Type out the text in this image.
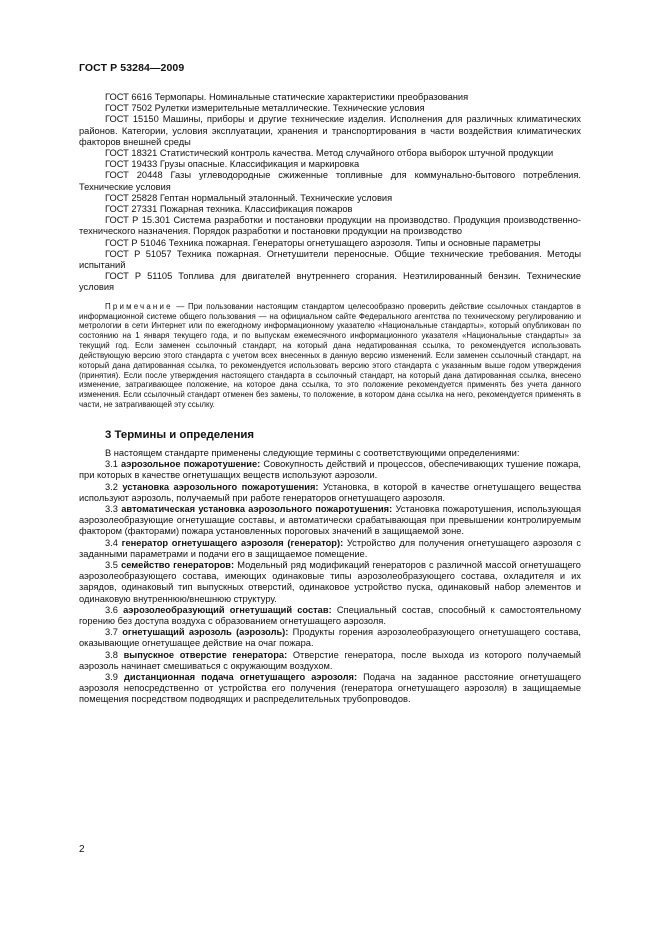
ГОСТ Р 53284—2009

ГОСТ 6616 Термопары. Номинальные статические характеристики преобразования

ГОСТ 7502 Рулетки измерительные металлические. Технические условия

ГОСТ 15150 Машины, приборы и другие технические изделия. Исполнения для различных климатических районов. Категории, условия эксплуатации, хранения и транспортирования в части воздействия климатических факторов внешней среды

ГОСТ 18321 Статистический контроль качества. Метод случайного отбора выборок штучной продукции

ГОСТ 19433 Грузы опасные. Классификация и маркировка

ГОСТ 20448 Газы углеводородные сжиженные топливные для коммунально-бытового потребления. Технические условия

ГОСТ 25828 Гептан нормальный эталонный. Технические условия

ГОСТ 27331 Пожарная техника. Классификация пожаров

ГОСТ Р 15.301 Система разработки и постановки продукции на производство. Продукция производственно-технического назначения. Порядок разработки и постановки продукции на производство

ГОСТ Р 51046 Техника пожарная. Генераторы огнетушащего аэрозоля. Типы и основные параметры

ГОСТ Р 51057 Техника пожарная. Огнетушители переносные. Общие технические требования. Методы испытаний

ГОСТ Р 51105 Топлива для двигателей внутреннего сгорания. Неэтилированный бензин. Технические условия

Примечание — При пользовании настоящим стандартом целесообразно проверить действие ссылочных стандартов в информационной системе общего пользования — на официальном сайте Федерального агентства по техническому регулированию и метрологии в сети Интернет или по ежегодному информационному указателю «Национальные стандарты», который опубликован по состоянию на 1 января текущего года, и по выпускам ежемесячного информационного указателя «Национальные стандарты» за текущий год. Если заменен ссылочный стандарт, на который дана недатированная ссылка, то рекомендуется использовать действующую версию этого стандарта с учетом всех внесенных в данную версию изменений. Если заменен ссылочный стандарт, на который дана датированная ссылка, то рекомендуется использовать версию этого стандарта с указанным выше годом утверждения (принятия). Если после утверждения настоящего стандарта в ссылочный стандарт, на который дана датированная ссылка, внесено изменение, затрагивающее положение, на которое дана ссылка, то это положение рекомендуется применять без учета данного изменения. Если ссылочный стандарт отменен без замены, то положение, в котором дана ссылка на него, рекомендуется применять в части, не затрагивающей эту ссылку.

3 Термины и определения

В настоящем стандарте применены следующие термины с соответствующими определениями:

3.1 аэрозольное пожаротушение: Совокупность действий и процессов, обеспечивающих тушение пожара, при которых в качестве огнетушащих веществ используют аэрозоли.

3.2 установка аэрозольного пожаротушения: Установка, в которой в качестве огнетушащего вещества используют аэрозоль, получаемый при работе генераторов огнетушащего аэрозоля.

3.3 автоматическая установка аэрозольного пожаротушения: Установка пожаротушения, использующая аэрозолеобразующие огнетушащие составы, и автоматически срабатывающая при превышении контролируемым фактором (факторами) пожара установленных пороговых значений в защищаемой зоне.

3.4 генератор огнетушащего аэрозоля (генератор): Устройство для получения огнетушащего аэрозоля с заданными параметрами и подачи его в защищаемое помещение.

3.5 семейство генераторов: Модельный ряд модификаций генераторов с различной массой огнетушащего аэрозолеобразующего состава, имеющих одинаковые типы аэрозолеобразующего состава, охладителя и их зарядов, одинаковый тип выпускных отверстий, одинаковое устройство пуска, одинаковый набор элементов и одинаковую внутреннюю/внешнюю структуру.

3.6 аэрозолеобразующий огнетушащий состав: Специальный состав, способный к самостоятельному горению без доступа воздуха с образованием огнетушащего аэрозоля.

3.7 огнетушащий аэрозоль (аэрозоль): Продукты горения аэрозолеобразующего огнетушащего состава, оказывающие огнетушащее действие на очаг пожара.

3.8 выпускное отверстие генератора: Отверстие генератора, после выхода из которого получаемый аэрозоль начинает смешиваться с окружающим воздухом.

3.9 дистанционная подача огнетушащего аэрозоля: Подача на заданное расстояние огнетушащего аэрозоля непосредственно от устройства его получения (генератора огнетушащего аэрозоля) в защищаемые помещения посредством подводящих и распределительных трубопроводов.

2
